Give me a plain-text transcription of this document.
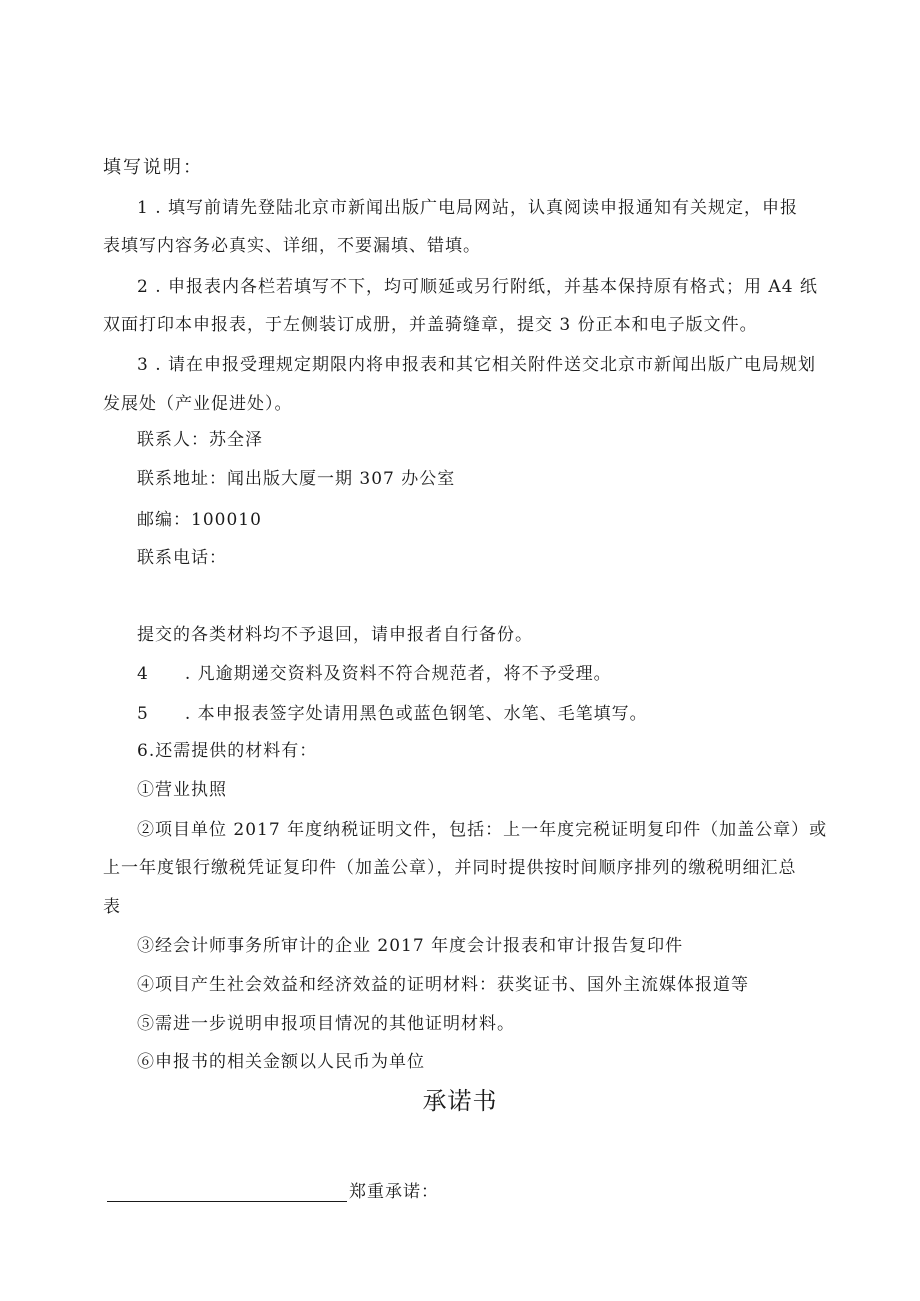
填写说明：
1 . 填写前请先登陆北京市新闻出版广电局网站，认真阅读申报通知有关规定，申报
表填写内容务必真实、详细，不要漏填、错填。
2 . 申报表内各栏若填写不下，均可顺延或另行附纸，并基本保持原有格式；用 A4 纸
双面打印本申报表，于左侧装订成册，并盖骑缝章，提交 3 份正本和电子版文件。
3 . 请在申报受理规定期限内将申报表和其它相关附件送交北京市新闻出版广电局规划
发展处（产业促进处）。
联系人：苏全泽
联系地址：闻出版大厦一期 307 办公室
邮编：100010
联系电话：
提交的各类材料均不予退回，请申报者自行备份。
4　　. 凡逾期递交资料及资料不符合规范者，将不予受理。
5　　. 本申报表签字处请用黑色或蓝色钢笔、水笔、毛笔填写。
6.还需提供的材料有：
①营业执照
②项目单位 2017 年度纳税证明文件，包括：上一年度完税证明复印件（加盖公章）或
上一年度银行缴税凭证复印件（加盖公章），并同时提供按时间顺序排列的缴税明细汇总
表
③经会计师事务所审计的企业 2017 年度会计报表和审计报告复印件
④项目产生社会效益和经济效益的证明材料：获奖证书、国外主流媒体报道等
⑤需进一步说明申报项目情况的其他证明材料。
⑥申报书的相关金额以人民币为单位
承诺书
郑重承诺：
